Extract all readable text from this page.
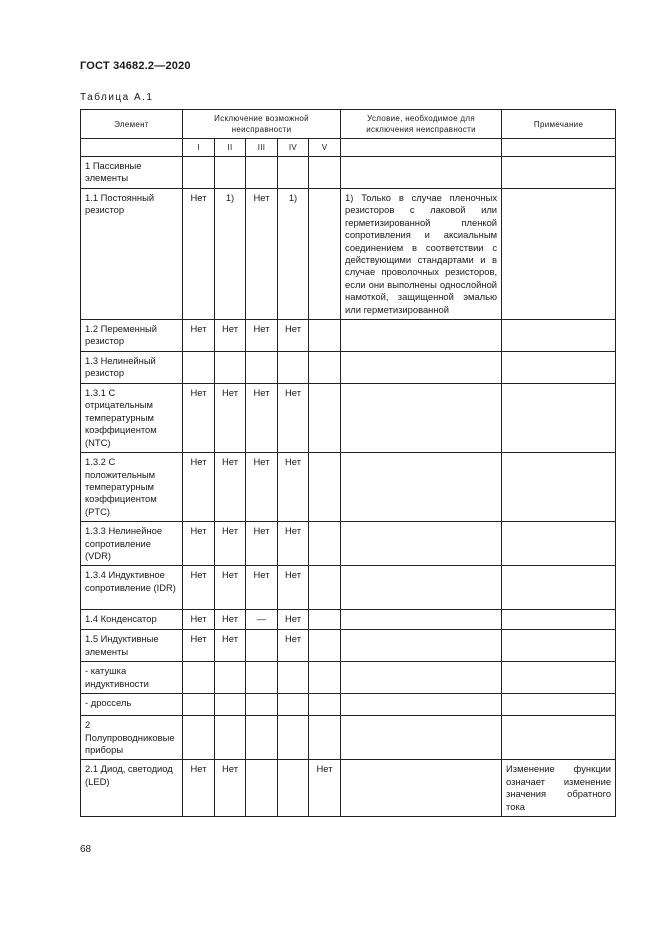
ГОСТ 34682.2—2020
Таблица А.1
Элемент	Исключение возможной неисправности					Условие, необходимое для исключения неисправности	Примечание
	I	II	III	IV	V		
1 Пассивные элементы							
1.1 Постоянный резистор	Нет	1)	Нет	1)		1) Только в случае пленочных резисторов с лаковой или герметизированной пленкой сопротивления и аксиальным соединением в соответствии с действующими стандартами и в случае проволочных резисторов, если они выполнены однослойной намоткой, защищенной эмалью или герметизированной	
1.2 Переменный резистор	Нет	Нет	Нет	Нет			
1.3 Нелинейный резистор							
1.3.1 С отрицательным температурным коэффициентом (NTC)	Нет	Нет	Нет	Нет			
1.3.2 С положительным температурным коэффициентом (PTC)	Нет	Нет	Нет	Нет			
1.3.3 Нелинейное сопротивление (VDR)	Нет	Нет	Нет	Нет			
1.3.4 Индуктивное сопротивление (IDR)	Нет	Нет	Нет	Нет			
1.4 Конденсатор	Нет	Нет	—	Нет			
1.5 Индуктивные элементы	Нет	Нет		Нет			
- катушка индуктивности							
- дроссель							
2 Полупроводниковые приборы							
2.1 Диод, светодиод (LED)	Нет	Нет			Нет		Изменение функции означает изменение значения обратного тока
68
